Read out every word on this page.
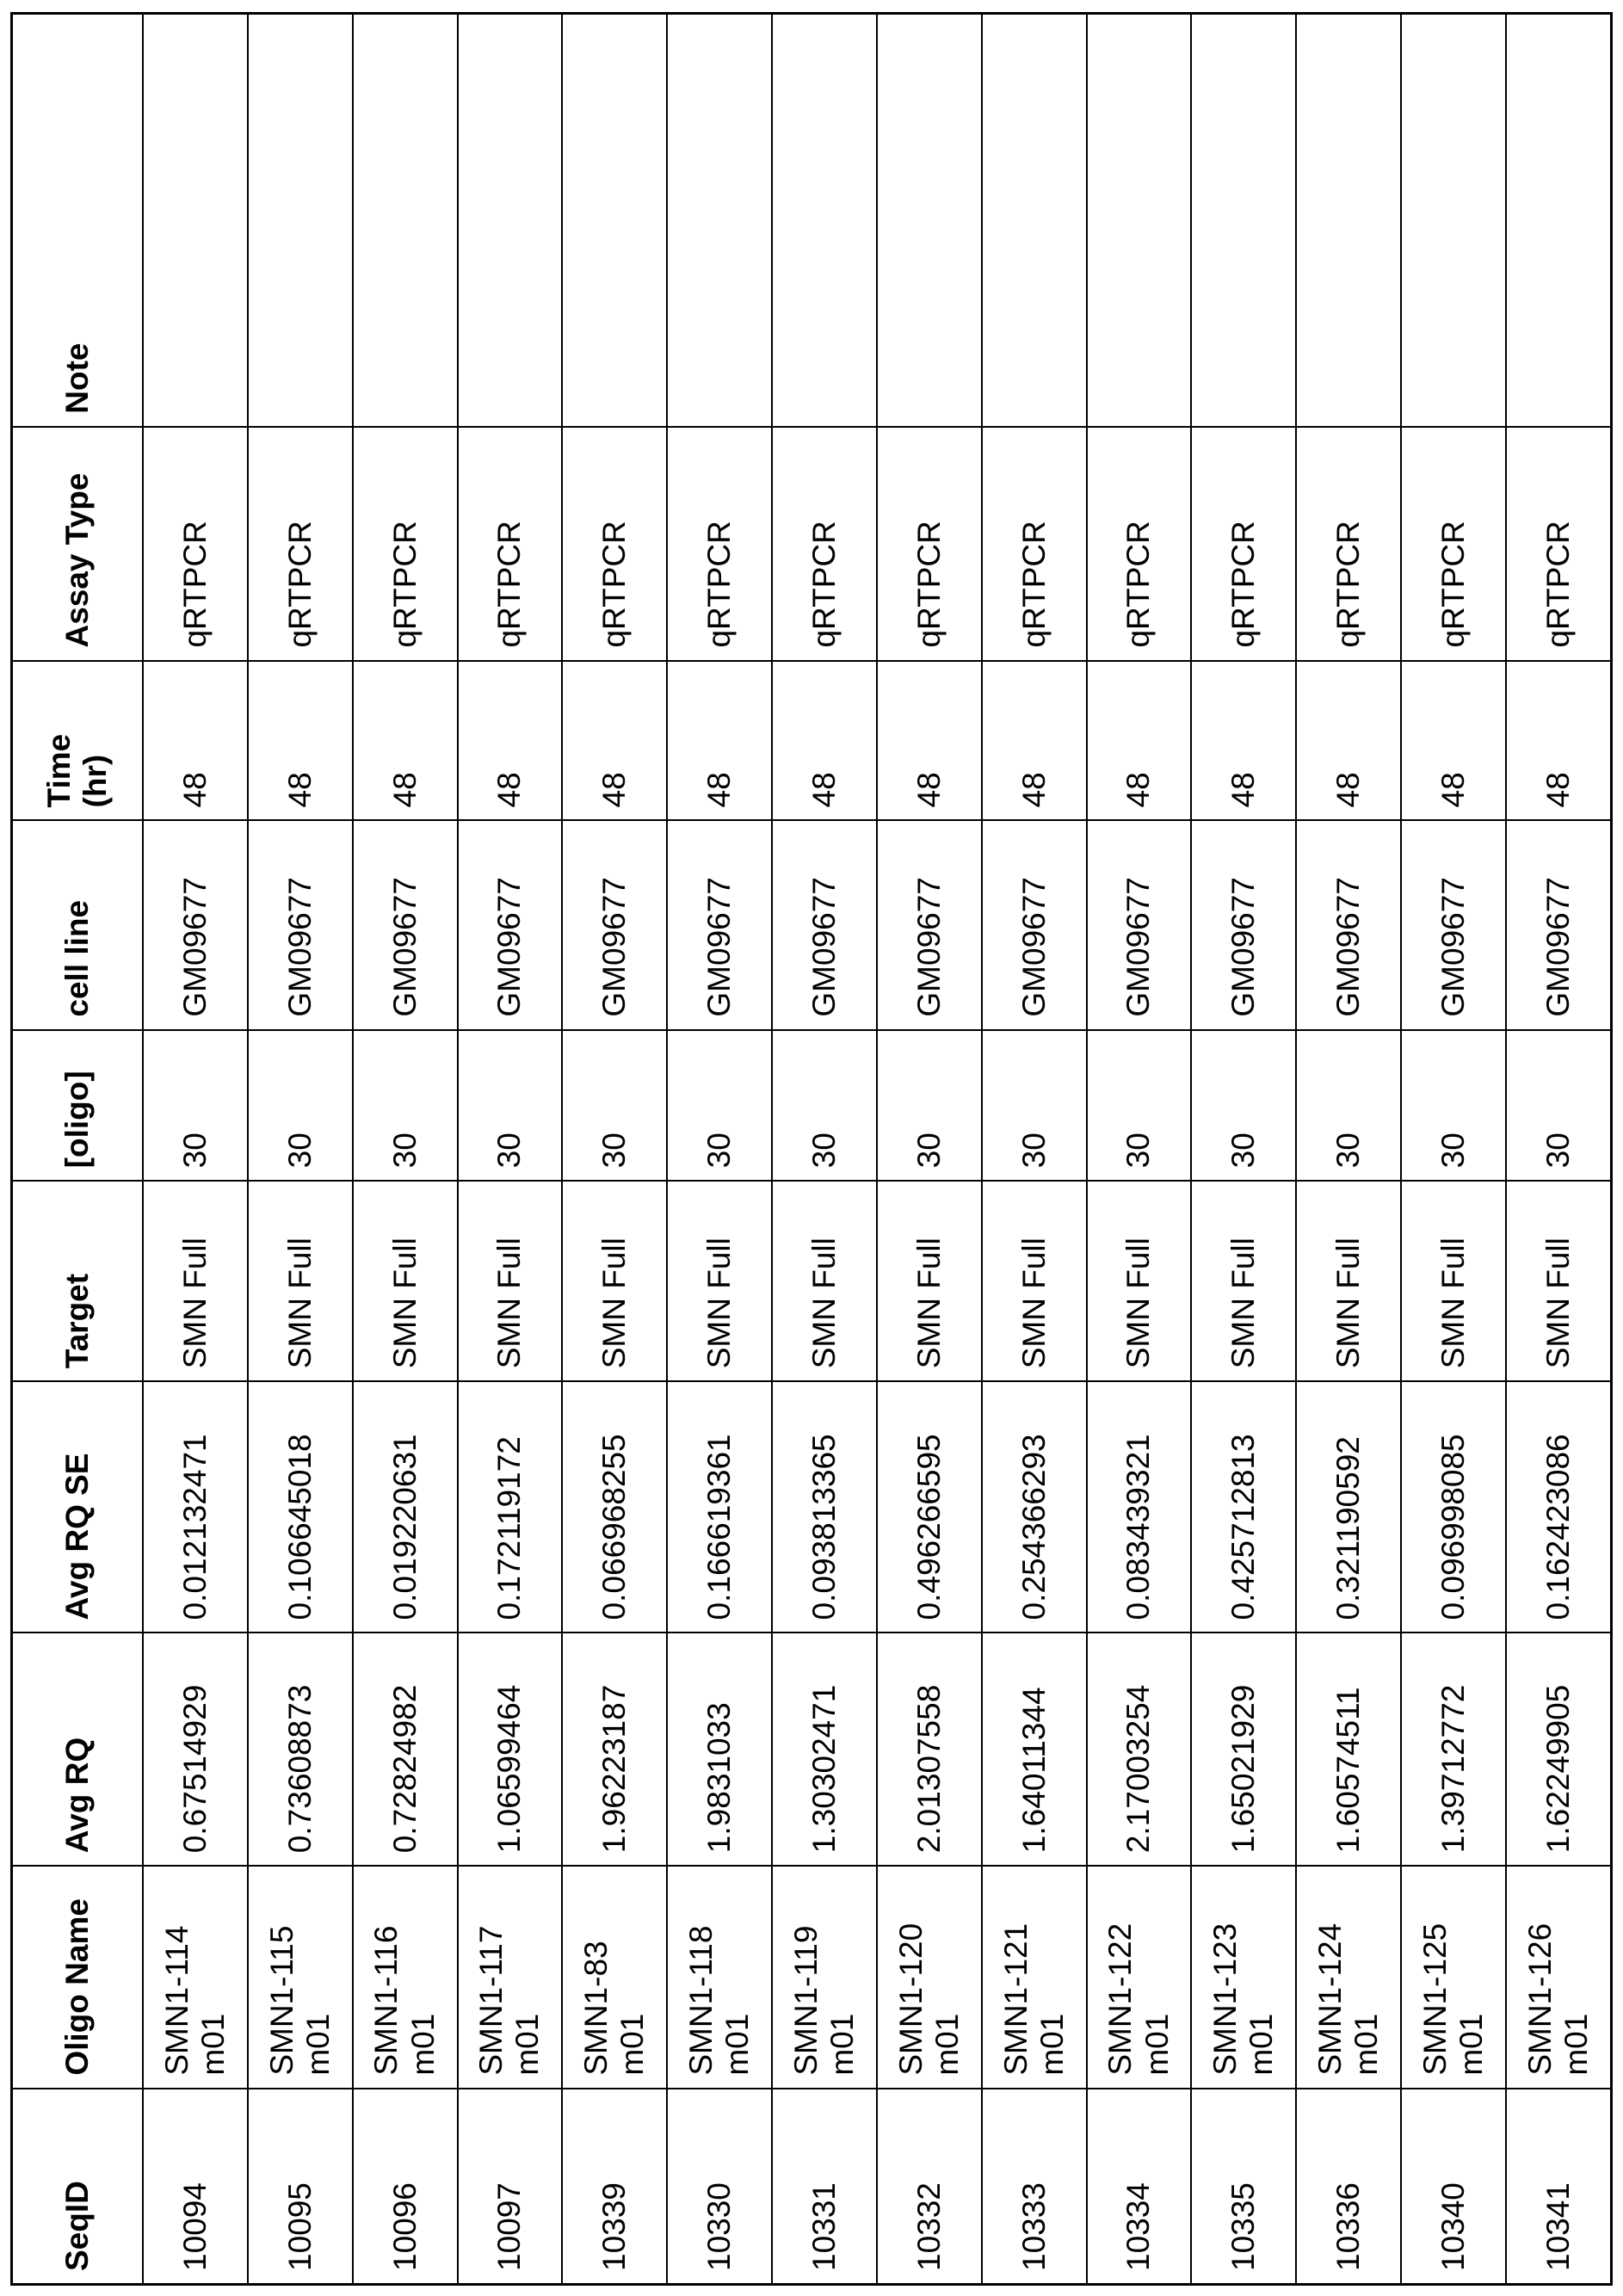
SeqID	Oligo Name	Avg RQ	Avg RQ SE	Target	[oligo]	cell line	Time (hr)	Assay Type	Note
10094	SMN1-114 m01	0.67514929	0.012132471	SMN Full	30	GM09677	48	qRTPCR	
10095	SMN1-115 m01	0.73608873	0.106645018	SMN Full	30	GM09677	48	qRTPCR	
10096	SMN1-116 m01	0.72824982	0.019220631	SMN Full	30	GM09677	48	qRTPCR	
10097	SMN1-117 m01	1.06599464	0.172119172	SMN Full	30	GM09677	48	qRTPCR	
10339	SMN1-83 m01	1.96223187	0.066968255	SMN Full	30	GM09677	48	qRTPCR	
10330	SMN1-118 m01	1.9831033	0.166619361	SMN Full	30	GM09677	48	qRTPCR	
10331	SMN1-119 m01	1.30302471	0.093813365	SMN Full	30	GM09677	48	qRTPCR	
10332	SMN1-120 m01	2.01307558	0.496266595	SMN Full	30	GM09677	48	qRTPCR	
10333	SMN1-121 m01	1.64011344	0.254366293	SMN Full	30	GM09677	48	qRTPCR	
10334	SMN1-122 m01	2.17003254	0.083439321	SMN Full	30	GM09677	48	qRTPCR	
10335	SMN1-123 m01	1.65021929	0.425712813	SMN Full	30	GM09677	48	qRTPCR	
10336	SMN1-124 m01	1.60574511	0.321190592	SMN Full	30	GM09677	48	qRTPCR	
10340	SMN1-125 m01	1.39712772	0.096998085	SMN Full	30	GM09677	48	qRTPCR	
10341	SMN1-126 m01	1.62249905	0.162423086	SMN Full	30	GM09677	48	qRTPCR	
